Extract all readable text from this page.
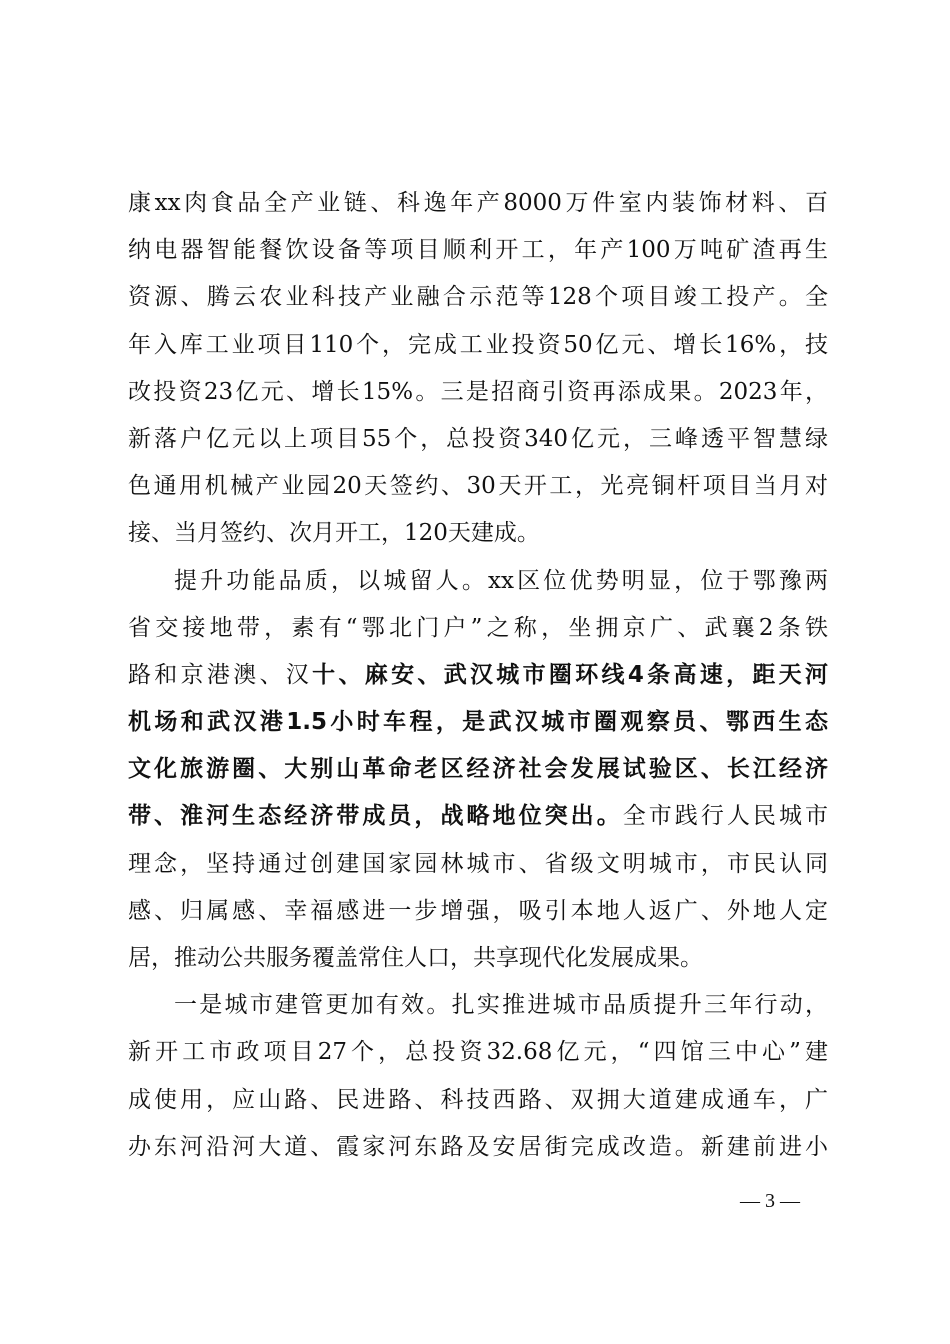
康xx肉食品全产业链、科逸年产8000万件室内装饰材料、百
纳电器智能餐饮设备等项目顺利开工，年产100万吨矿渣再生
资源、腾云农业科技产业融合示范等128个项目竣工投产。全
年入库工业项目110个，完成工业投资50亿元、增长16%，技
改投资23亿元、增长15%。三是招商引资再添成果。2023年，
新落户亿元以上项目55个，总投资340亿元，三峰透平智慧绿
色通用机械产业园20天签约、30天开工，光亮铜杆项目当月对
接、当月签约、次月开工，120天建成。
提升功能品质，以城留人。xx区位优势明显，位于鄂豫两
省交接地带，素有“鄂北门户”之称，坐拥京广、武襄2条铁
路和京港澳、汉十、麻安、武汉城市圈环线4条高速，距天河
机场和武汉港1.5小时车程，是武汉城市圈观察员、鄂西生态
文化旅游圈、大别山革命老区经济社会发展试验区、长江经济
带、淮河生态经济带成员，战略地位突出。全市践行人民城市
理念，坚持通过创建国家园林城市、省级文明城市，市民认同
感、归属感、幸福感进一步增强，吸引本地人返广、外地人定
居，推动公共服务覆盖常住人口，共享现代化发展成果。
一是城市建管更加有效。扎实推进城市品质提升三年行动，
新开工市政项目27个，总投资32.68亿元，“四馆三中心”建
成使用，应山路、民进路、科技西路、双拥大道建成通车，广
办东河沿河大道、霞家河东路及安居街完成改造。新建前进小
— 3 —
